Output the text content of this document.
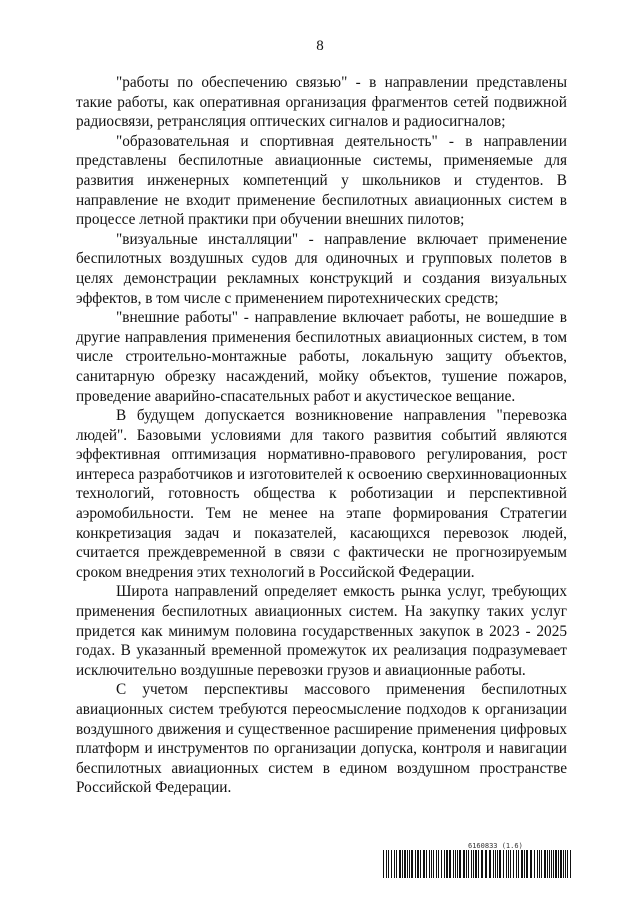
8

"работы по обеспечению связью" - в направлении представлены такие работы, как оперативная организация фрагментов сетей подвижной радиосвязи, ретрансляция оптических сигналов и радиосигналов;

"образовательная и спортивная деятельность" - в направлении представлены беспилотные авиационные системы, применяемые для развития инженерных компетенций у школьников и студентов. В направление не входит применение беспилотных авиационных систем в процессе летной практики при обучении внешних пилотов;

"визуальные инсталляции" - направление включает применение беспилотных воздушных судов для одиночных и групповых полетов в целях демонстрации рекламных конструкций и создания визуальных эффектов, в том числе с применением пиротехнических средств;

"внешние работы" - направление включает работы, не вошедшие в другие направления применения беспилотных авиационных систем, в том числе строительно-монтажные работы, локальную защиту объектов, санитарную обрезку насаждений, мойку объектов, тушение пожаров, проведение аварийно-спасательных работ и акустическое вещание.

В будущем допускается возникновение направления "перевозка людей". Базовыми условиями для такого развития событий являются эффективная оптимизация нормативно-правового регулирования, рост интереса разработчиков и изготовителей к освоению сверхинновационных технологий, готовность общества к роботизации и перспективной аэромобильности. Тем не менее на этапе формирования Стратегии конкретизация задач и показателей, касающихся перевозок людей, считается преждевременной в связи с фактически не прогнозируемым сроком внедрения этих технологий в Российской Федерации.

Широта направлений определяет емкость рынка услуг, требующих применения беспилотных авиационных систем. На закупку таких услуг придется как минимум половина государственных закупок в 2023 - 2025 годах. В указанный временной промежуток их реализация подразумевает исключительно воздушные перевозки грузов и авиационные работы.

С учетом перспективы массового применения беспилотных авиационных систем требуются переосмысление подходов к организации воздушного движения и существенное расширение применения цифровых платформ и инструментов по организации допуска, контроля и навигации беспилотных авиационных систем в едином воздушном пространстве Российской Федерации.

6160833 (1.6)
